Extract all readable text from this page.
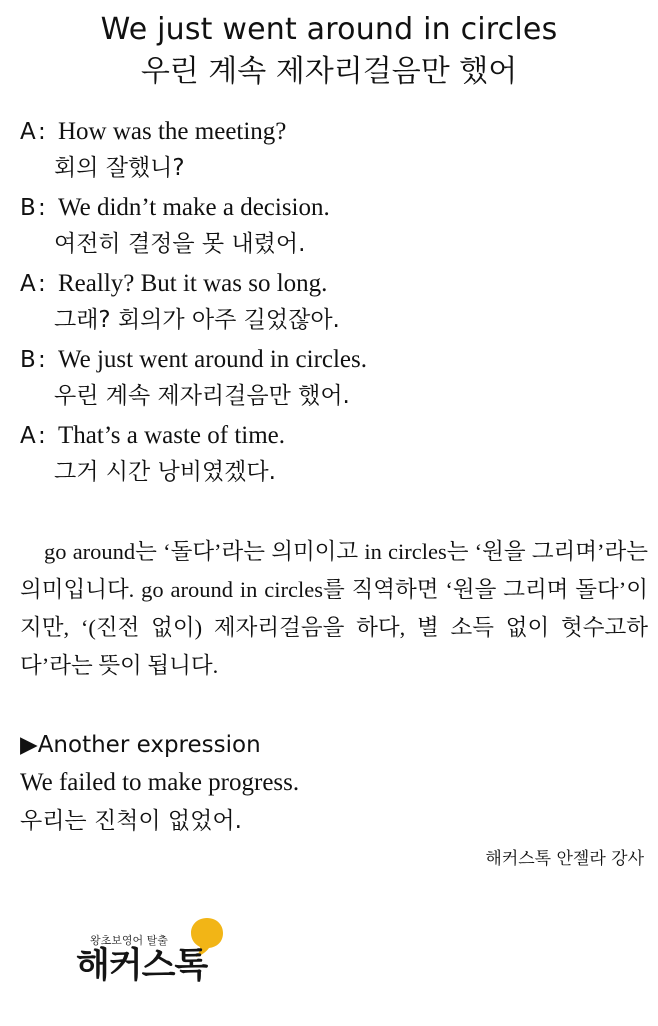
We just went around in circles
우린 계속 제자리걸음만 했어
A : How was the meeting?
회의 잘했니?
B : We didn’t make a decision.
여전히 결정을 못 내렸어.
A : Really? But it was so long.
그래? 회의가 아주 길었잖아.
B : We just went around in circles.
우린 계속 제자리걸음만 했어.
A : That’s a waste of time.
그거 시간 낭비였겠다.
go around는 ‘돌다’라는 의미이고 in circles는 ‘원을 그리며’라는 의미입니다. go around in circles를 직역하면 ‘원을 그리며 돌다’이지만, ‘(진전 없이) 제자리걸음을 하다, 별 소득 없이 헛수고하다’라는 뜻이 됩니다.
▶Another expression
We failed to make progress.
우리는 진척이 없었어.
해커스톡 안젤라 강사
왕초보영어 탈출
해커스톡
